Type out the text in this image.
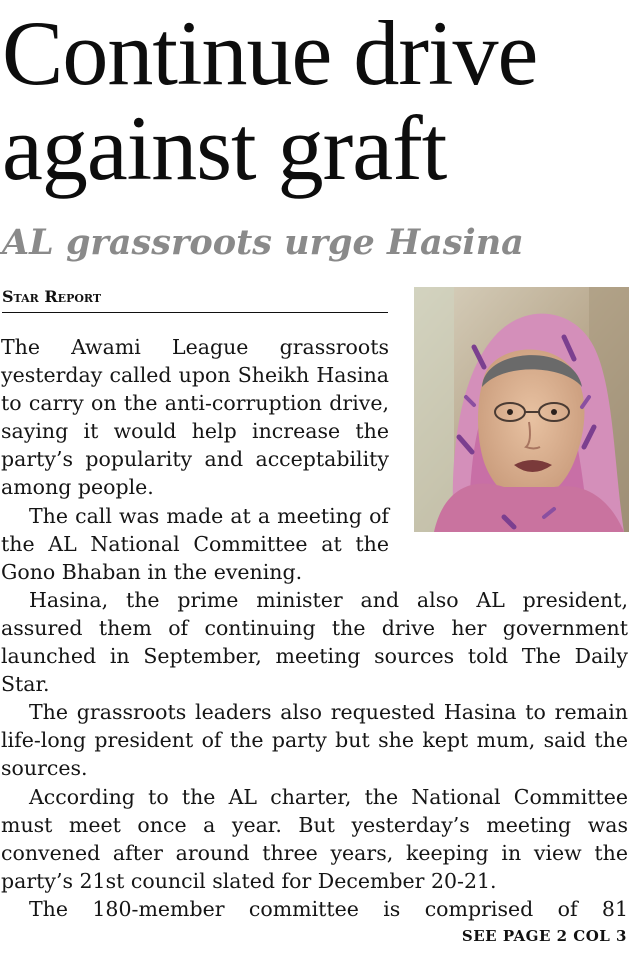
Continue drive against graft
AL grassroots urge Hasina
Star Report

The Awami League grassroots yesterday called upon Sheikh Hasina to carry on the anti-corruption drive, saying it would help increase the party’s popularity and acceptability among people.

The call was made at a meeting of the AL National Committee at the Gono Bhaban in the evening.

Hasina, the prime minister and also AL president, assured them of continuing the drive her government launched in September, meeting sources told The Daily Star.

The grassroots leaders also requested Hasina to remain life-long president of the party but she kept mum, said the sources.

According to the AL charter, the National Committee must meet once a year. But yesterday’s meeting was convened after around three years, keeping in view the party’s 21st council slated for December 20-21.

The 180-member committee is comprised of 81

SEE PAGE 2 COL 3
